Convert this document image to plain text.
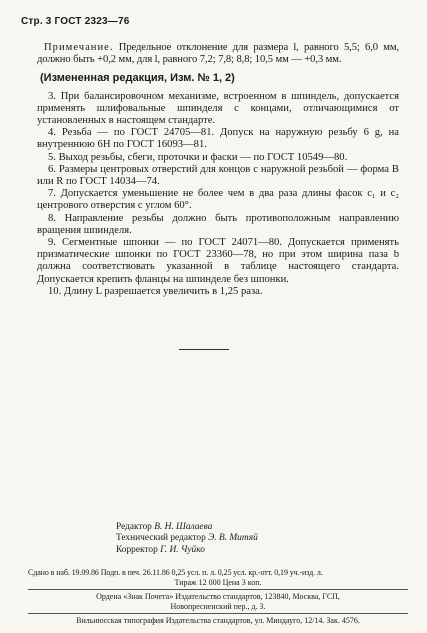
Стр. 3 ГОСТ 2323—76
Примечание. Предельное отклонение для размера l, равного 5,5; 6,0 мм, должно быть +0,2 мм, для l, равного 7,2; 7,8; 8,8; 10,5 мм — +0,3 мм.
(Измененная редакция, Изм. № 1, 2)

3. При балансировочном механизме, встроенном в шпиндель, допускается применять шлифовальные шпинделя с концами, отличающимися от установленных в настоящем стандарте.

4. Резьба — по ГОСТ 24705—81. Допуск на наружную резьбу 6 g, на внутреннюю 6H по ГОСТ 16093—81.

5. Выход резьбы, сбеги, проточки и фаски — по ГОСТ 10549—80.

6. Размеры центровых отверстий для концов с наружной резьбой — форма В или R по ГОСТ 14034—74.

7. Допускается уменьшение не более чем в два раза длины фасок c₁ и c₂ центрового отверстия с углом 60°.

8. Направление резьбы должно быть противоположным направлению вращения шпинделя.

9. Сегментные шпонки — по ГОСТ 24071—80. Допускается применять призматические шпонки по ГОСТ 23360—78, но при этом ширина паза b должна соответствовать указанной в таблице настоящего стандарта. Допускается крепить фланцы на шпинделе без шпонки.

10. Длину L разрешается увеличить в 1,25 раза.

Редактор В. Н. Шалаева
Технический редактор Э. В. Митяй
Корректор Г. И. Чуйко
Сдано в наб. 19.09.86 Подп. в печ. 26.11.86 0,25 усл. п. л. 0,25 усл. кр.-отт. 0,19 уч.-изд. л.
Тираж 12 000 Цена 3 коп.
Ордена «Знак Почета» Издательство стандартов, 123840, Москва, ГСП,
Новопресненский пер., д. 3.
Вильнюсская типография Издательства стандартов, ул. Миндауго, 12/14. Зак. 4576.
